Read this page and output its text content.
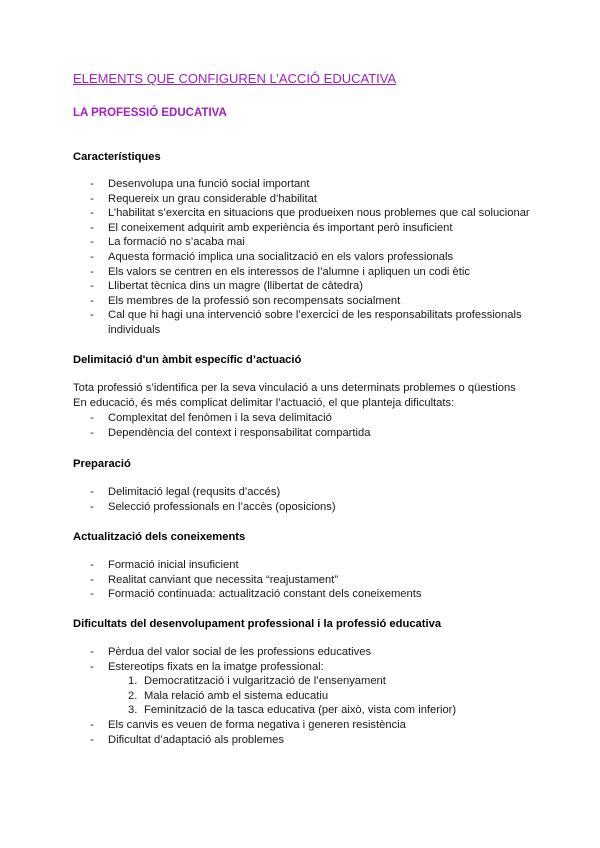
ELEMENTS QUE CONFIGUREN L’ACCIÓ EDUCATIVA
LA PROFESSIÓ EDUCATIVA
Característiques
- Desenvolupa una funció social important
- Requereix un grau considerable d’habilitat
- L’habilitat s’exercita en situacions que produeixen nous problemes que cal solucionar
- El coneixement adquirit amb experiència és important però insuficient
- La formació no s’acaba mai
- Aquesta formació implica una socialització en els valors professionals
- Els valors se centren en els interessos de l’alumne i apliquen un codi ètic
- Llibertat tècnica dins un magre (llibertat de càtedra)
- Els membres de la professió son recompensats socialment
- Cal que hi hagi una intervenció sobre l’exercici de les responsabilitats professionals individuals
Delimitació d'un àmbit específic d’actuació

Tota professió s’identifica per la seva vinculació a uns determinats problemes o qüestions

En educació, és més complicat delimitar l’actuació, el que planteja dificultats:

- Complexitat del fenòmen i la seva delimitació
- Dependència del context i responsabilitat compartida
Preparació
- Delimitació legal (requsits d’accés)
- Selecció professionals en l’accès (oposicions)
Actualització dels coneixements
- Formació inicial insuficient
- Realitat canviant que necessita “reajustament”
- Formació continuada: actualització constant dels coneixements
Dificultats del desenvolupament professional i la professió educativa
- Pèrdua del valor social de les professions educatives
- Estereotips fixats en la imatge professional:
1. Democratització i vulgarització de l’ensenyament
2. Mala relació amb el sistema educatiu
3. Feminització de la tasca educativa (per això, vista com inferior)
- Els canvis es veuen de forma negativa i generen resistència
- Dificultat d’adaptació als problemes
